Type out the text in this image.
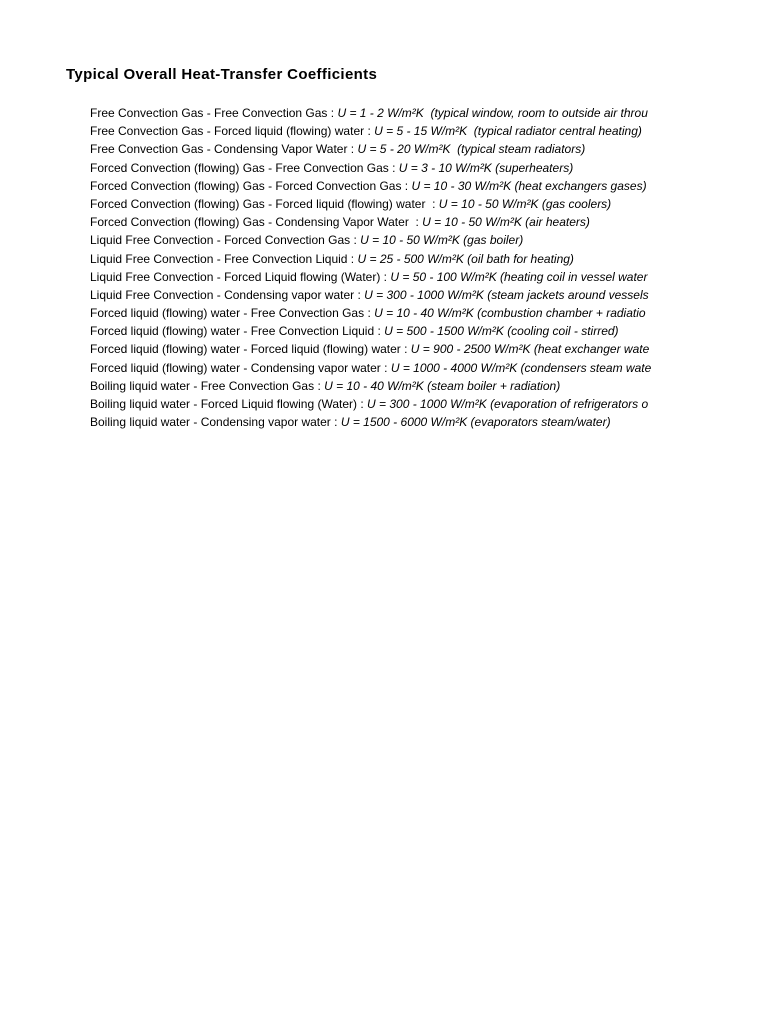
Typical Overall Heat-Transfer Coefficients
Free Convection Gas - Free Convection Gas : U = 1 - 2 W/m²K  (typical window, room to outside air throu
Free Convection Gas - Forced liquid (flowing) water : U = 5 - 15 W/m²K  (typical radiator central heating)
Free Convection Gas - Condensing Vapor Water : U = 5 - 20 W/m²K  (typical steam radiators)
Forced Convection (flowing) Gas - Free Convection Gas : U = 3 - 10 W/m²K (superheaters)
Forced Convection (flowing) Gas - Forced Convection Gas : U = 10 - 30 W/m²K (heat exchangers gases)
Forced Convection (flowing) Gas - Forced liquid (flowing) water  : U = 10 - 50 W/m²K (gas coolers)
Forced Convection (flowing) Gas - Condensing Vapor Water  : U = 10 - 50 W/m²K (air heaters)
Liquid Free Convection - Forced Convection Gas : U = 10 - 50 W/m²K (gas boiler)
Liquid Free Convection - Free Convection Liquid : U = 25 - 500 W/m²K (oil bath for heating)
Liquid Free Convection - Forced Liquid flowing (Water) : U = 50 - 100 W/m²K (heating coil in vessel water
Liquid Free Convection - Condensing vapor water : U = 300 - 1000 W/m²K (steam jackets around vessels
Forced liquid (flowing) water - Free Convection Gas : U = 10 - 40 W/m²K (combustion chamber + radiatio
Forced liquid (flowing) water - Free Convection Liquid : U = 500 - 1500 W/m²K (cooling coil - stirred)
Forced liquid (flowing) water - Forced liquid (flowing) water : U = 900 - 2500 W/m²K (heat exchanger wate
Forced liquid (flowing) water - Condensing vapor water : U = 1000 - 4000 W/m²K (condensers steam wate
Boiling liquid water - Free Convection Gas : U = 10 - 40 W/m²K (steam boiler + radiation)
Boiling liquid water - Forced Liquid flowing (Water) : U = 300 - 1000 W/m²K (evaporation of refrigerators o
Boiling liquid water - Condensing vapor water : U = 1500 - 6000 W/m²K (evaporators steam/water)
